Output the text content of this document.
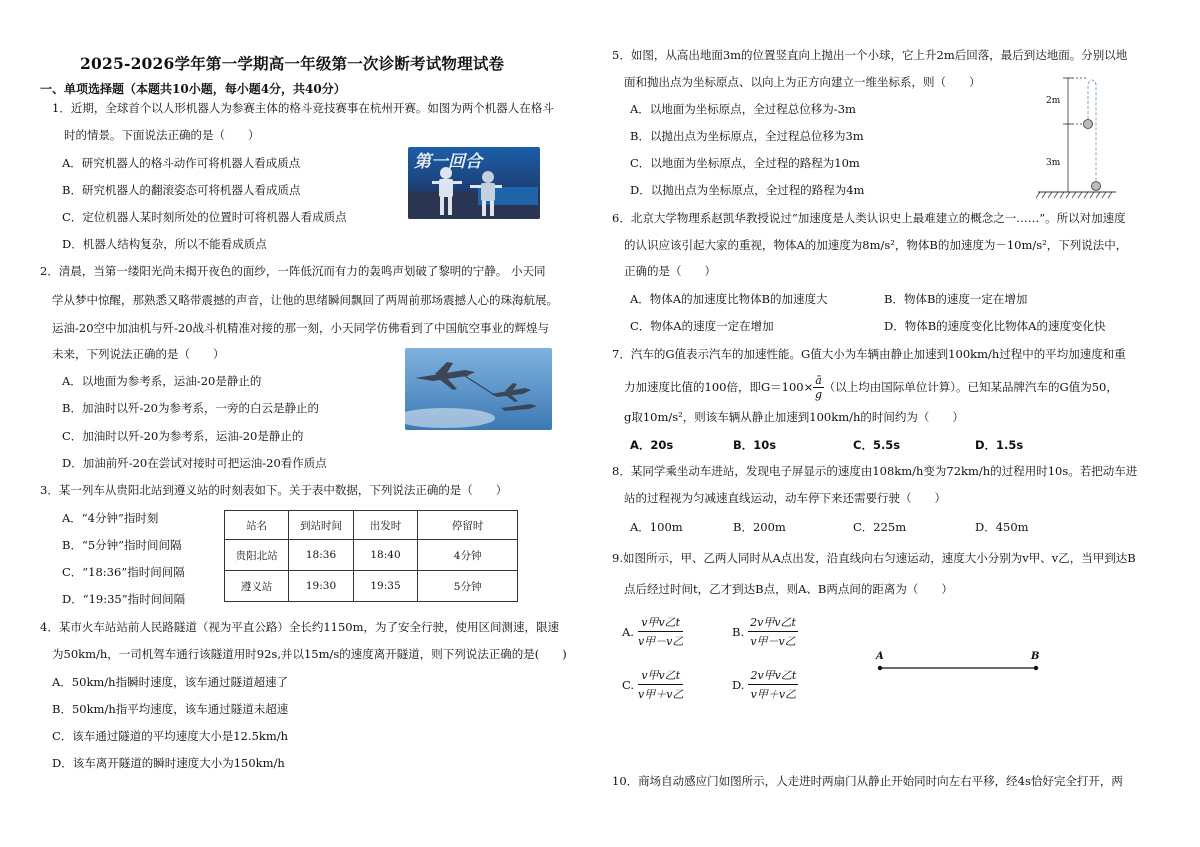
2025-2026学年第一学期高一年级第一次诊断考试物理试卷
一、单项选择题（本题共10小题，每小题4分，共40分）
1．近期，全球首个以人形机器人为参赛主体的格斗竞技赛事在杭州开赛。如图为两个机器人在格斗
时的情景。下面说法正确的是（　　）
A．研究机器人的格斗动作可将机器人看成质点
B．研究机器人的翻滚姿态可将机器人看成质点
C．定位机器人某时刻所处的位置时可将机器人看成质点
D．机器人结构复杂，所以不能看成质点
第一回合
2．清晨，当第一缕阳光尚未揭开夜色的面纱，一阵低沉而有力的轰鸣声划破了黎明的宁静。 小天同
学从梦中惊醒，那熟悉又略带震撼的声音，让他的思绪瞬间飘回了两周前那场震撼人心的珠海航展。
运油-20空中加油机与歼-20战斗机精准对接的那一刻，小天同学仿佛看到了中国航空事业的辉煌与
未来，下列说法正确的是（　　）
A．以地面为参考系，运油-20是静止的
B．加油时以歼-20为参考系，一旁的白云是静止的
C．加油时以歼-20为参考系，运油-20是静止的
D．加油前歼-20在尝试对接时可把运油-20看作质点
3．某一列车从贵阳北站到遵义站的时刻表如下。关于表中数据，下列说法正确的是（　　）
A．“4分钟”指时刻
B．“5分钟”指时间间隔
C．“18:36”指时间间隔
D．“19:35”指时间间隔
站名	到站时间	出发时	停留时
贵阳北站	18:36	18:40	4分钟
遵义站	19:30	19:35	5分钟
4．某市火车站站前人民路隧道（视为平直公路）全长约1150m，为了安全行驶，使用区间测速，限速
为50km/h，一司机驾车通行该隧道用时92s,并以15m/s的速度离开隧道，则下列说法正确的是(　　)
A．50km/h指瞬时速度，该车通过隧道超速了
B．50km/h指平均速度，该车通过隧道未超速
C．该车通过隧道的平均速度大小是12.5km/h
D．该车离开隧道的瞬时速度大小为150km/h
5．如图，从高出地面3m的位置竖直向上抛出一个小球，它上升2m后回落，最后到达地面。分别以地
面和抛出点为坐标原点、以向上为正方向建立一维坐标系，则（　　）
A．以地面为坐标原点，全过程总位移为-3m
B．以抛出点为坐标原点，全过程总位移为3m
C．以地面为坐标原点，全过程的路程为10m
D．以抛出点为坐标原点，全过程的路程为4m
2m
3m
6．北京大学物理系赵凯华教授说过“加速度是人类认识史上最难建立的概念之一……”。所以对加速度
的认识应该引起大家的重视，物体A的加速度为8m/s²，物体B的加速度为－10m/s²，下列说法中，
正确的是（　　）
A．物体A的加速度比物体B的加速度大	B．物体B的速度一定在增加
C．物体A的速度一定在增加	D．物体B的速度变化比物体A的速度变化快
7．汽车的G值表示汽车的加速性能。G值大小为车辆由静止加速到100km/h过程中的平均加速度和重
力加速度比值的100倍，即$G=100\times \frac{ā}{g}$ （以上均由国际单位计算）。已知某品牌汽车的G值为50，
g取10m/s²，则该车辆从静止加速到100km/h的时间约为（　　）
A．20s	B．10s	C．5.5s	D．1.5s
8．某同学乘坐动车进站，发现电子屏显示的速度由108km/h变为72km/h的过程用时10s。若把动车进
站的过程视为匀减速直线运动，动车停下来还需要行驶（　　）
A．100m	B．200m	C．225m	D．450m
9.如图所示，甲、乙两人同时从A点出发，沿直线向右匀速运动，速度大小分别为v甲、v乙，当甲到达B
点后经过时间t，乙才到达B点，则A、B两点间的距离为（　　）
A. $\frac{\text{v甲v乙t}}{\text{v甲－v乙}}$	B. $\frac{\text{2v甲v乙t}}{\text{v甲－v乙}}$
C. $\frac{\text{v甲v乙t}}{\text{v甲＋v乙}}$	D. $\frac{\text{2v甲v乙t}}{\text{v甲＋v乙}}$
A	B
10．商场自动感应门如图所示，人走进时两扇门从静止开始同时向左右平移，经4s恰好完全打开，两
